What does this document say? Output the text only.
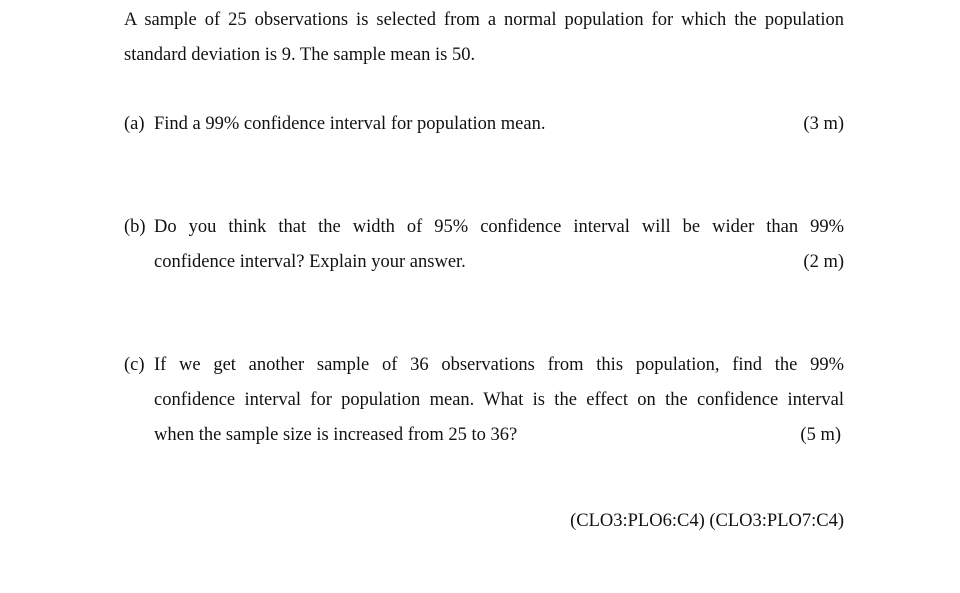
A sample of 25 observations is selected from a normal population for which the population
standard deviation is 9. The sample mean is 50.
(a) Find a 99% confidence interval for population mean.	(3 m)
(b) Do you think that the width of 95% confidence interval will be wider than 99%
confidence interval? Explain your answer.	(2 m)
(c) If we get another sample of 36 observations from this population, find the 99%
confidence interval for population mean. What is the effect on the confidence interval
when the sample size is increased from 25 to 36?	(5 m)
(CLO3:PLO6:C4) (CLO3:PLO7:C4)
